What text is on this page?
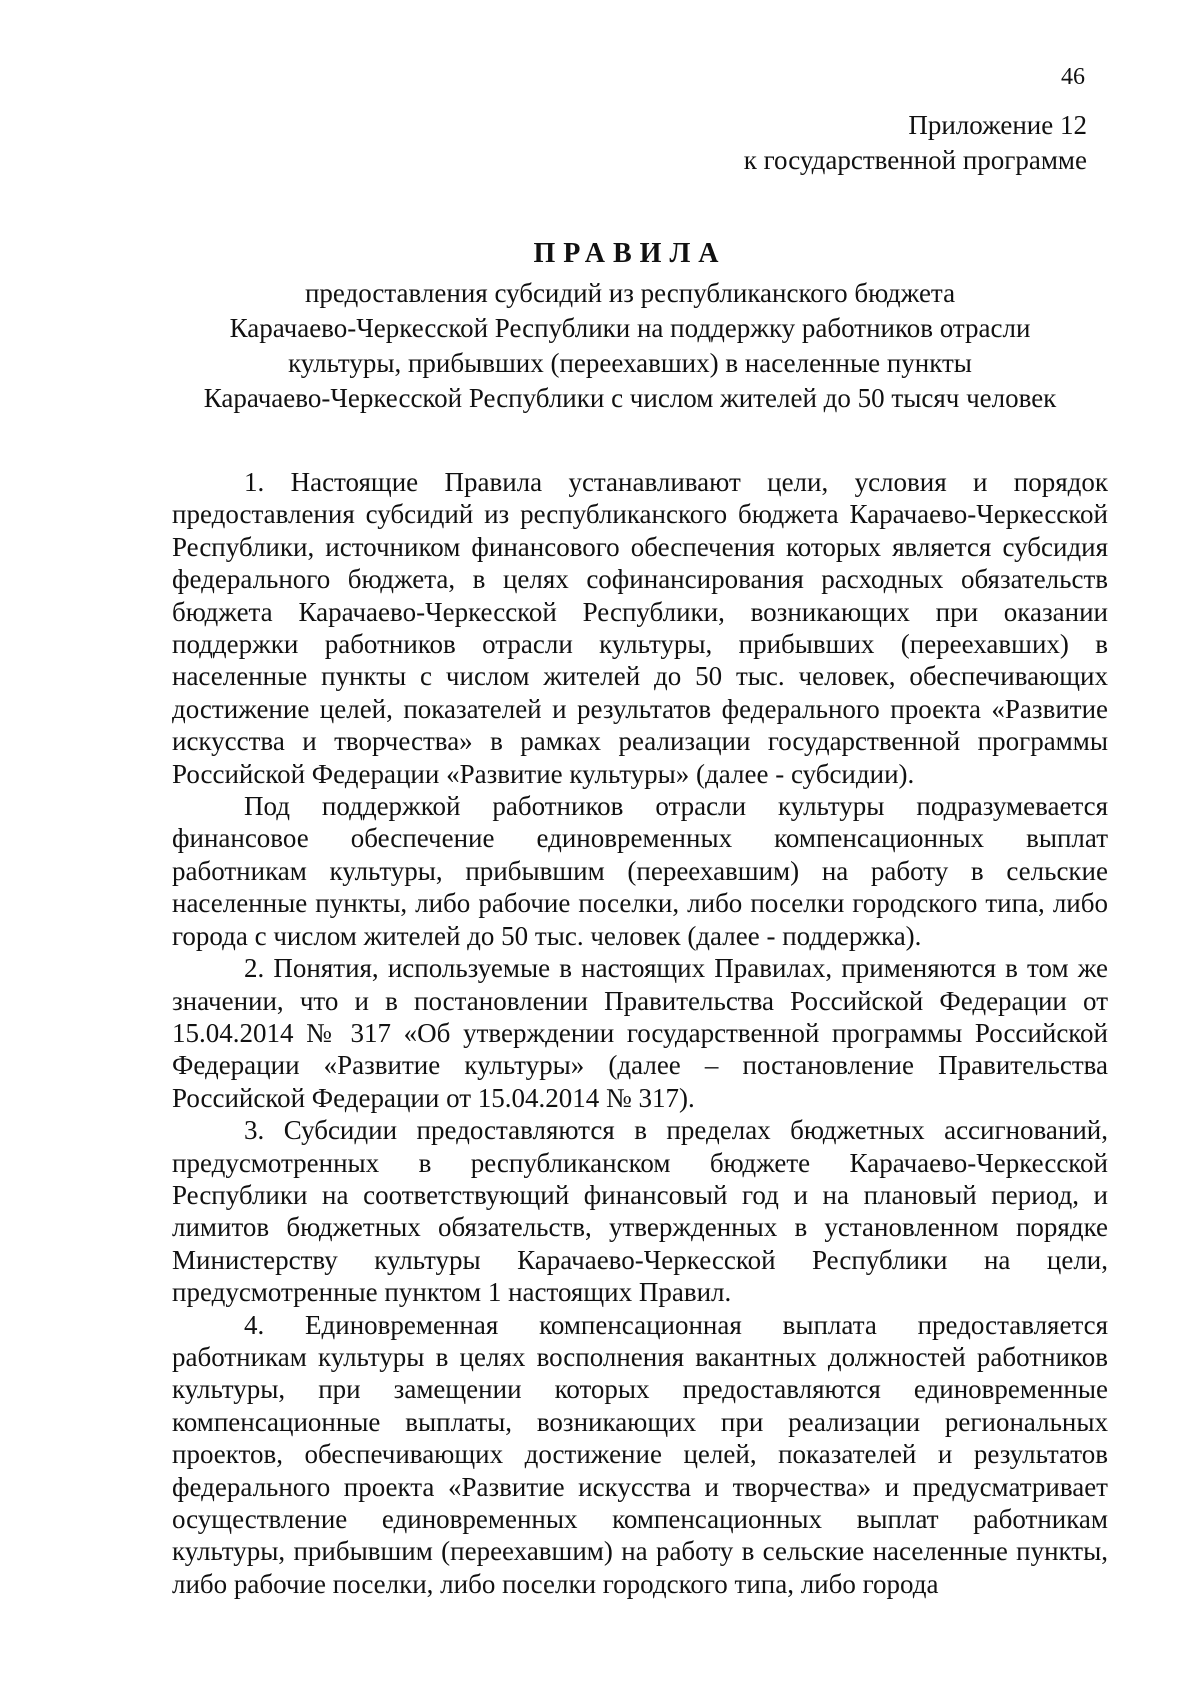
46
Приложение 12
к государственной программе
ПРАВИЛА
предоставления субсидий из республиканского бюджета
Карачаево-Черкесской Республики на поддержку работников отрасли
культуры, прибывших (переехавших) в населенные пункты
Карачаево-Черкесской Республики с числом жителей до 50 тысяч человек

1. Настоящие Правила устанавливают цели, условия и порядок предоставления субсидий из республиканского бюджета Карачаево-Черкесской Республики, источником финансового обеспечения которых является субсидия федерального бюджета, в целях софинансирования расходных обязательств бюджета Карачаево-Черкесской Республики, возникающих при оказании поддержки работников отрасли культуры, прибывших (переехавших) в населенные пункты с числом жителей до 50 тыс. человек, обеспечивающих достижение целей, показателей и результатов федерального проекта «Развитие искусства и творчества» в рамках реализации государственной программы Российской Федерации «Развитие культуры» (далее - субсидии).

Под поддержкой работников отрасли культуры подразумевается финансовое обеспечение единовременных компенсационных выплат работникам культуры, прибывшим (переехавшим) на работу в сельские населенные пункты, либо рабочие поселки, либо поселки городского типа, либо города с числом жителей до 50 тыс. человек (далее - поддержка).

2. Понятия, используемые в настоящих Правилах, применяются в том же значении, что и в постановлении Правительства Российской Федерации от 15.04.2014 № 317 «Об утверждении государственной программы Российской Федерации «Развитие культуры» (далее – постановление Правительства Российской Федерации от 15.04.2014 № 317).

3. Субсидии предоставляются в пределах бюджетных ассигнований, предусмотренных в республиканском бюджете Карачаево-Черкесской Республики на соответствующий финансовый год и на плановый период, и лимитов бюджетных обязательств, утвержденных в установленном порядке Министерству культуры Карачаево-Черкесской Республики на цели, предусмотренные пунктом 1 настоящих Правил.

4. Единовременная компенсационная выплата предоставляется работникам культуры в целях восполнения вакантных должностей работников культуры, при замещении которых предоставляются единовременные компенсационные выплаты, возникающих при реализации региональных проектов, обеспечивающих достижение целей, показателей и результатов федерального проекта «Развитие искусства и творчества» и предусматривает осуществление единовременных компенсационных выплат работникам культуры, прибывшим (переехавшим) на работу в сельские населенные пункты, либо рабочие поселки, либо поселки городского типа, либо города
